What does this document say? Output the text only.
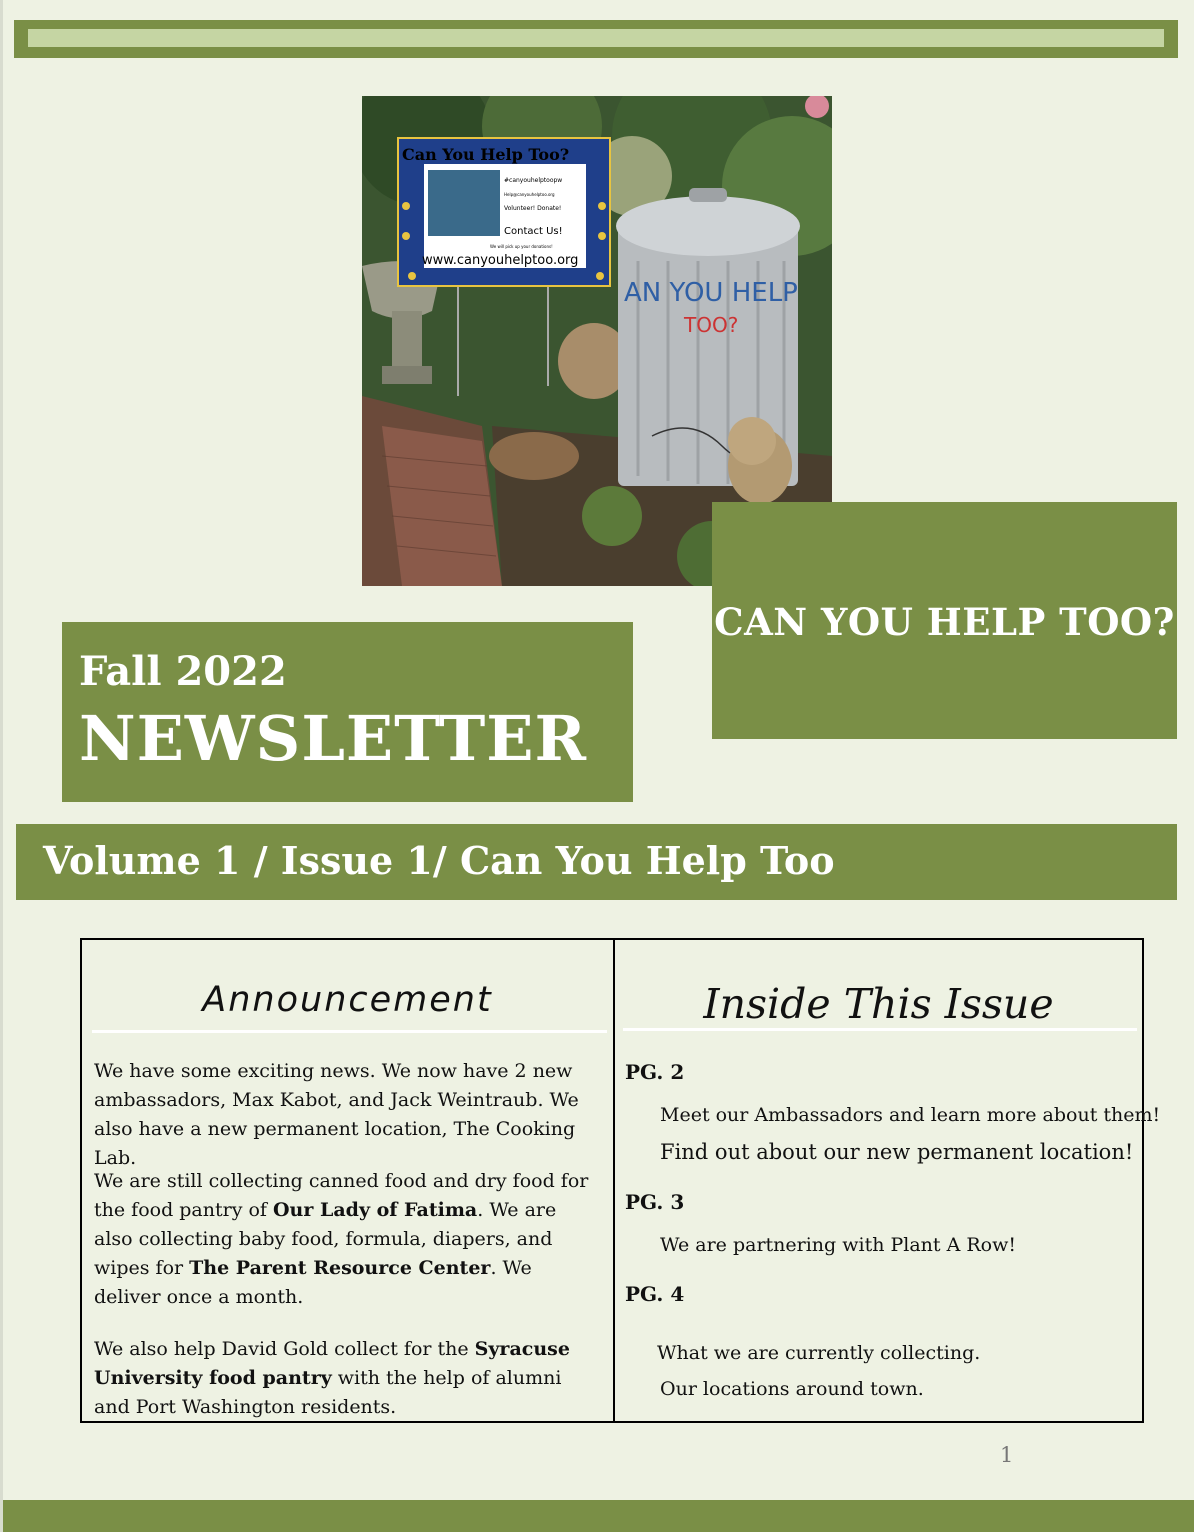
AN YOU HELP
TOO?
Can You Help Too?
#canyouhelptoopw
Help@canyouhelptoo.org
Volunteer! Donate!
Contact Us!
We will pick up your donations!
www.canyouhelptoo.org
CAN YOU HELP TOO?
Fall 2022
NEWSLETTER
Volume 1 / Issue 1/ Can You Help Too
Announcement

We have some exciting news. We now have 2 new ambassadors, Max Kabot, and Jack Weintraub. We also have a new permanent location, The Cooking Lab.

We are still collecting canned food and dry food for the food pantry of Our Lady of Fatima. We are also collecting baby food, formula, diapers, and wipes for The Parent Resource Center. We deliver once a month.

We also help David Gold collect for the Syracuse University food pantry with the help of alumni and Port Washington residents.

Inside This Issue
PG. 2
Meet our Ambassadors and learn more about them!
Find out about our new permanent location!
PG. 3
We are partnering with Plant A Row!
PG. 4
What we are currently collecting.
Our locations around town.
1
